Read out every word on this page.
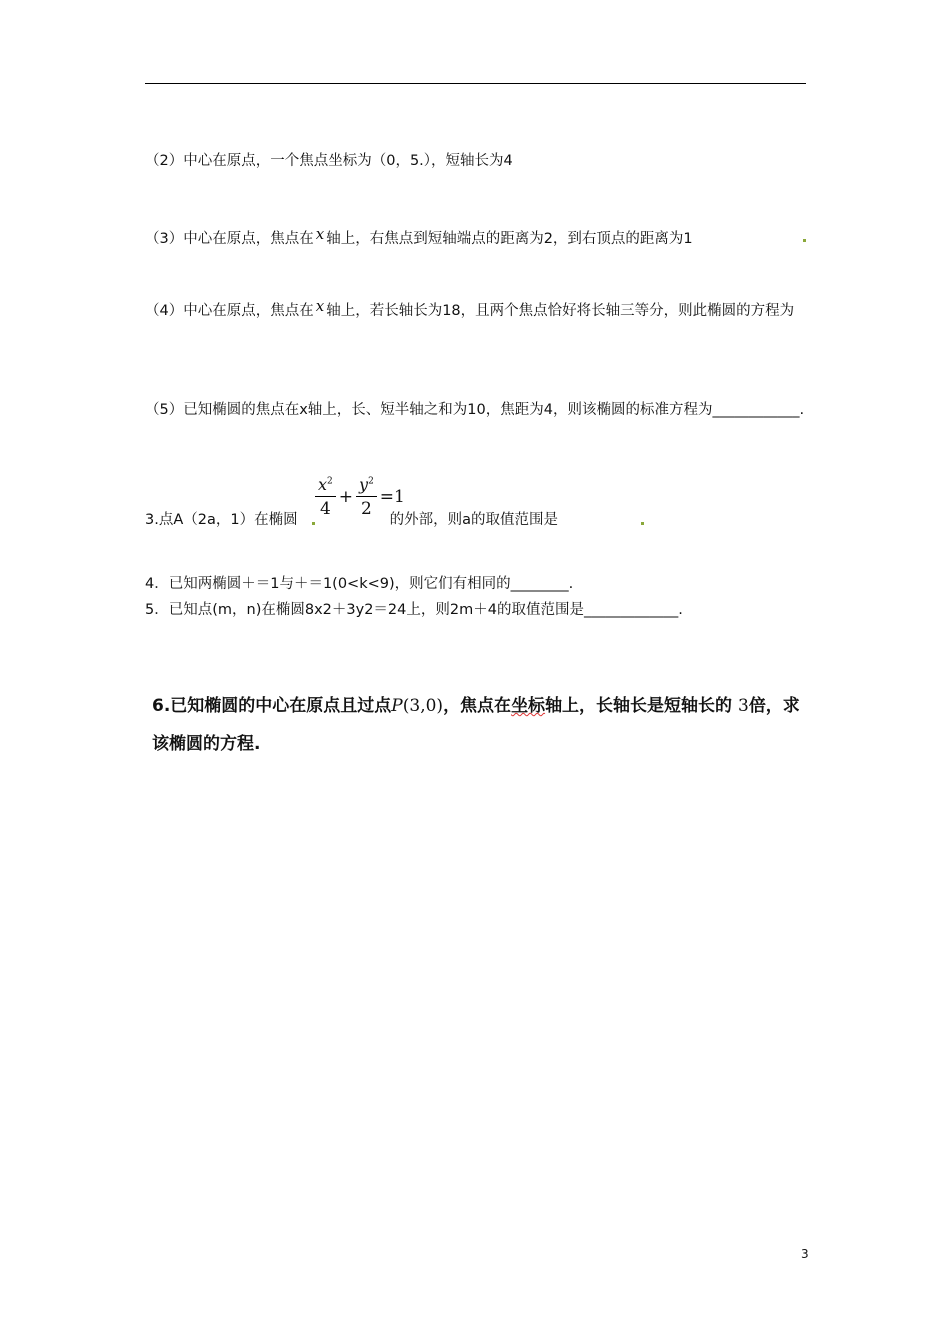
（2）中心在原点，一个焦点坐标为（0，5.），短轴长为4
（3）中心在原点，焦点在 x 轴上，右焦点到短轴端点的距离为2，到右顶点的距离为1
（4）中心在原点，焦点在 x 轴上，若长轴长为18，且两个焦点恰好将长轴三等分，则此椭圆的方程为
（5）已知椭圆的焦点在x轴上，长、短半轴之和为10，焦距为4，则该椭圆的标准方程为____________.
$\frac{x^2}{4} + \frac{y^2}{2} =1$
3.点A（2a，1）在椭圆	的外部，则a的取值范围是
4．已知两椭圆＋＝1与＋＝1(0<k<9)，则它们有相同的________.
5．已知点(m，n)在椭圆8x2＋3y2＝24上，则2m＋4的取值范围是_____________.
6.已知椭圆的中心在原点且过点P(3,0)，焦点在坐标轴上，长轴长是短轴长的 3倍，求该椭圆的方程.
3
